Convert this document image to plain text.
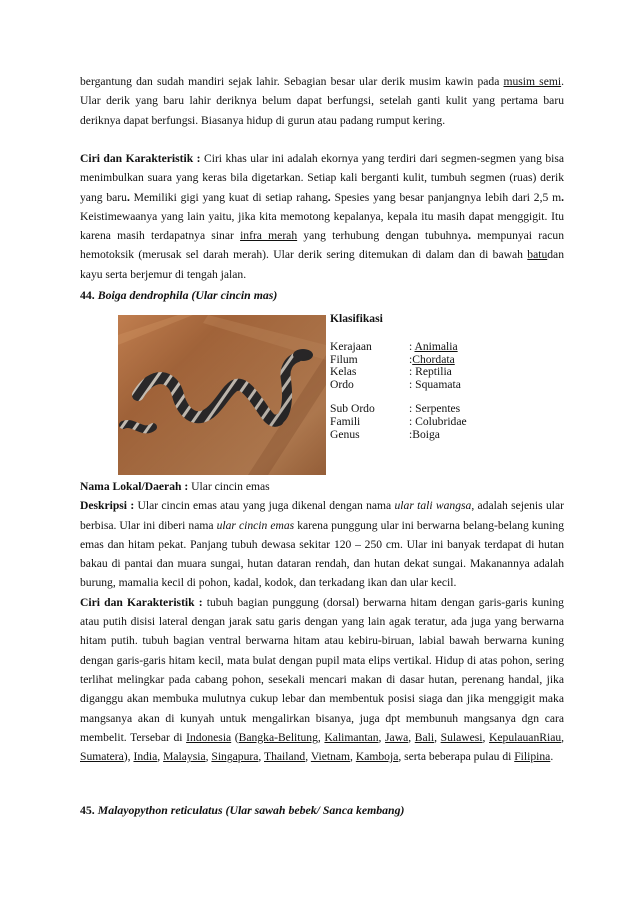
bergantung dan sudah mandiri sejak lahir. Sebagian besar ular derik musim kawin pada musim semi. Ular derik yang baru lahir deriknya belum dapat berfungsi, setelah ganti kulit yang pertama baru deriknya dapat berfungsi. Biasanya hidup di gurun atau padang rumput kering.

Ciri dan Karakteristik : Ciri khas ular ini adalah ekornya yang terdiri dari segmen-segmen yang bisa menimbulkan suara yang keras bila digetarkan. Setiap kali berganti kulit, tumbuh segmen (ruas) derik yang baru. Memiliki gigi yang kuat di setiap rahang. Spesies yang besar panjangnya lebih dari 2,5 m. Keistimewaanya yang lain yaitu, jika kita memotong kepalanya, kepala itu masih dapat menggigit. Itu karena masih terdapatnya sinar infra merah yang terhubung dengan tubuhnya. mempunyai racun hemotoksik (merusak sel darah merah). Ular derik sering ditemukan di dalam dan di bawah batudan kayu serta berjemur di tengah jalan.

44. Boiga dendrophila (Ular cincin mas)
Klasifikasi
Kerajaan	: Animalia
Filum	:Chordata
Kelas	: Reptilia
Ordo	: Squamata
Sub Ordo	: Serpentes
Famili	: Colubridae
Genus	:Boiga

Nama Lokal/Daerah : Ular cincin emas

Deskripsi : Ular cincin emas atau yang juga dikenal dengan nama ular tali wangsa, adalah sejenis ular berbisa. Ular ini diberi nama ular cincin emas karena punggung ular ini berwarna belang-belang kuning emas dan hitam pekat. Panjang tubuh dewasa sekitar 120 – 250 cm. Ular ini banyak terdapat di hutan bakau di pantai dan muara sungai, hutan dataran rendah, dan hutan dekat sungai. Makanannya adalah burung, mamalia kecil di pohon, kadal, kodok, dan terkadang ikan dan ular kecil.

Ciri dan Karakteristik : tubuh bagian punggung (dorsal) berwarna hitam dengan garis-garis kuning atau putih disisi lateral dengan jarak satu garis dengan yang lain agak teratur, ada juga yang berwarna hitam putih. tubuh bagian ventral berwarna hitam atau kebiru-biruan, labial bawah berwarna kuning dengan garis-garis hitam kecil, mata bulat dengan pupil mata elips vertikal. Hidup di atas pohon, sering terlihat melingkar pada cabang pohon, sesekali mencari makan di dasar hutan, perenang handal, jika diganggu akan membuka mulutnya cukup lebar dan membentuk posisi siaga dan jika menggigit maka mangsanya akan di kunyah untuk mengalirkan bisanya, juga dpt membunuh mangsanya dgn cara membelit. Tersebar di Indonesia (Bangka-Belitung, Kalimantan, Jawa, Bali, Sulawesi, KepulauanRiau, Sumatera), India, Malaysia, Singapura, Thailand, Vietnam, Kamboja, serta beberapa pulau di Filipina.

45. Malayopython reticulatus (Ular sawah bebek/ Sanca kembang)
